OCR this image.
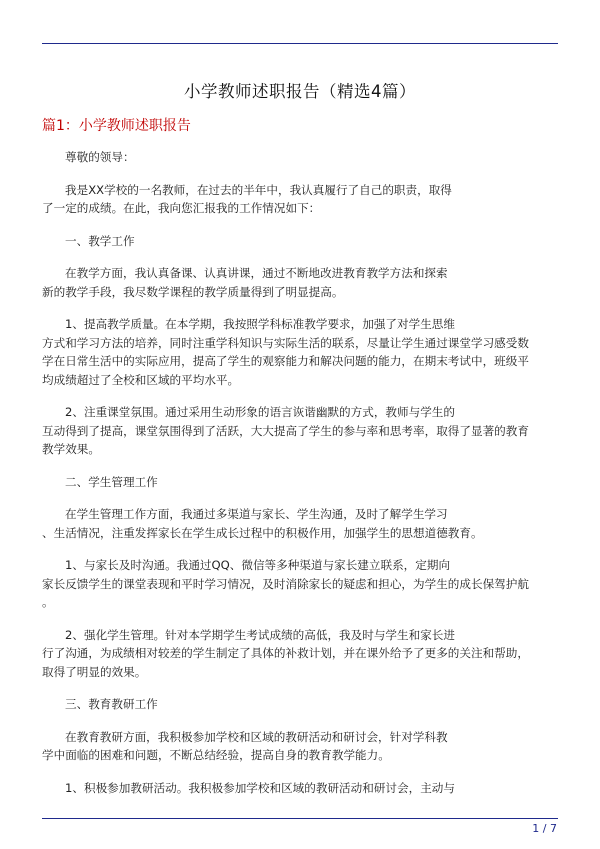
小学教师述职报告（精选4篇）
篇1：小学教师述职报告
尊敬的领导：
我是XX学校的一名教师，在过去的半年中，我认真履行了自己的职责，取得
了一定的成绩。在此，我向您汇报我的工作情况如下：
一、教学工作
在教学方面，我认真备课、认真讲课，通过不断地改进教育教学方法和探索
新的教学手段，我尽数学课程的教学质量得到了明显提高。
1、提高教学质量。在本学期，我按照学科标准教学要求，加强了对学生思维
方式和学习方法的培养，同时注重学科知识与实际生活的联系，尽量让学生通过课堂学习感受数
学在日常生活中的实际应用，提高了学生的观察能力和解决问题的能力，在期末考试中，班级平
均成绩超过了全校和区域的平均水平。
2、注重课堂氛围。通过采用生动形象的语言诙谐幽默的方式，教师与学生的
互动得到了提高，课堂氛围得到了活跃，大大提高了学生的参与率和思考率，取得了显著的教育
教学效果。
二、学生管理工作
在学生管理工作方面，我通过多渠道与家长、学生沟通，及时了解学生学习
、生活情况，注重发挥家长在学生成长过程中的积极作用，加强学生的思想道德教育。
1、与家长及时沟通。我通过QQ、微信等多种渠道与家长建立联系，定期向
家长反馈学生的课堂表现和平时学习情况，及时消除家长的疑虑和担心，为学生的成长保驾护航
。
2、强化学生管理。针对本学期学生考试成绩的高低，我及时与学生和家长进
行了沟通，为成绩相对较差的学生制定了具体的补救计划，并在课外给予了更多的关注和帮助，
取得了明显的效果。
三、教育教研工作
在教育教研方面，我积极参加学校和区域的教研活动和研讨会，针对学科教
学中面临的困难和问题，不断总结经验，提高自身的教育教学能力。
1、积极参加教研活动。我积极参加学校和区域的教研活动和研讨会，主动与
1 / 7
